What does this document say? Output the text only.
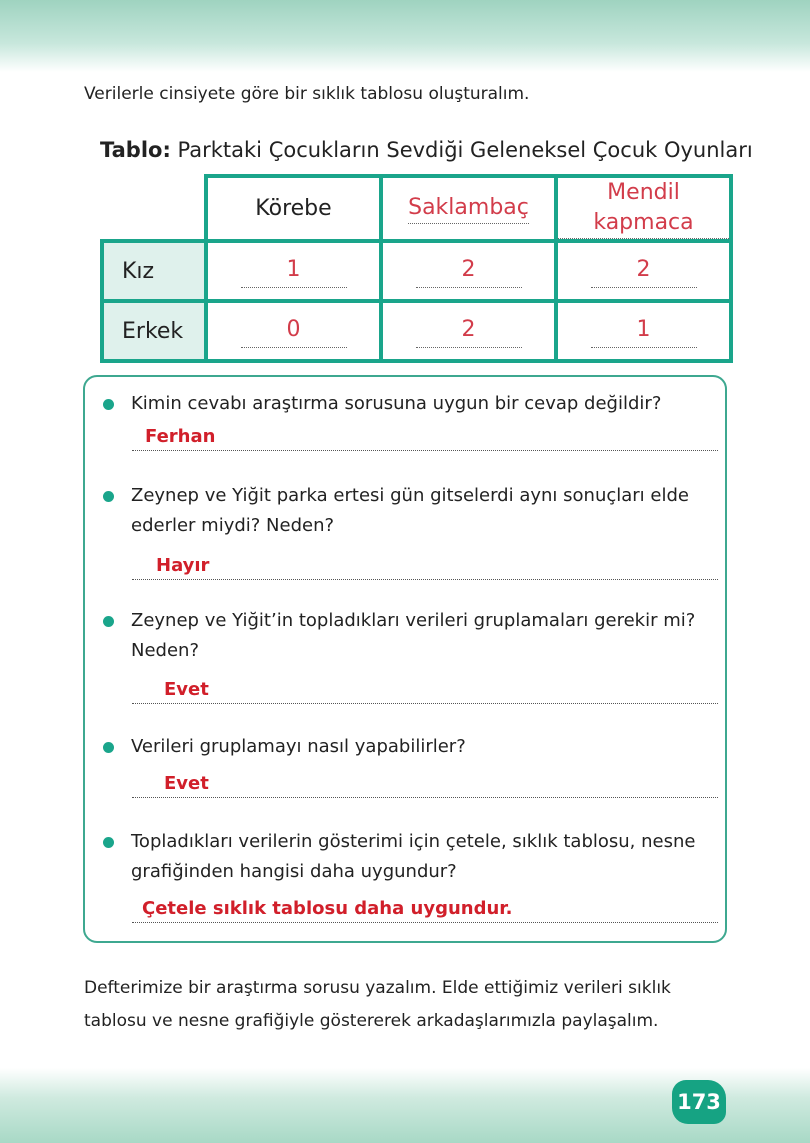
Verilerle cinsiyete göre bir sıklık tablosu oluşturalım.

Tablo: Parktaki Çocukların Sevdiği Geleneksel Çocuk Oyunları
	Körebe	Saklambaç	Mendil kapmaca
Kız	1	2	2
Erkek	0	2	1
Kimin cevabı araştırma sorusuna uygun bir cevap değildir?
Ferhan
Zeynep ve Yiğit parka ertesi gün gitselerdi aynı sonuçları elde ederler miydi? Neden?
Hayır
Zeynep ve Yiğit’in topladıkları verileri gruplamaları gerekir mi? Neden?
Evet
Verileri gruplamayı nasıl yapabilirler?
Evet
Topladıkları verilerin gösterimi için çetele, sıklık tablosu, nesne grafiğinden hangisi daha uygundur?
Çetele sıklık tablosu daha uygundur.

Defterimize bir araştırma sorusu yazalım. Elde ettiğimiz verileri sıklık tablosu ve nesne grafiğiyle göstererek arkadaşlarımızla paylaşalım.

173
